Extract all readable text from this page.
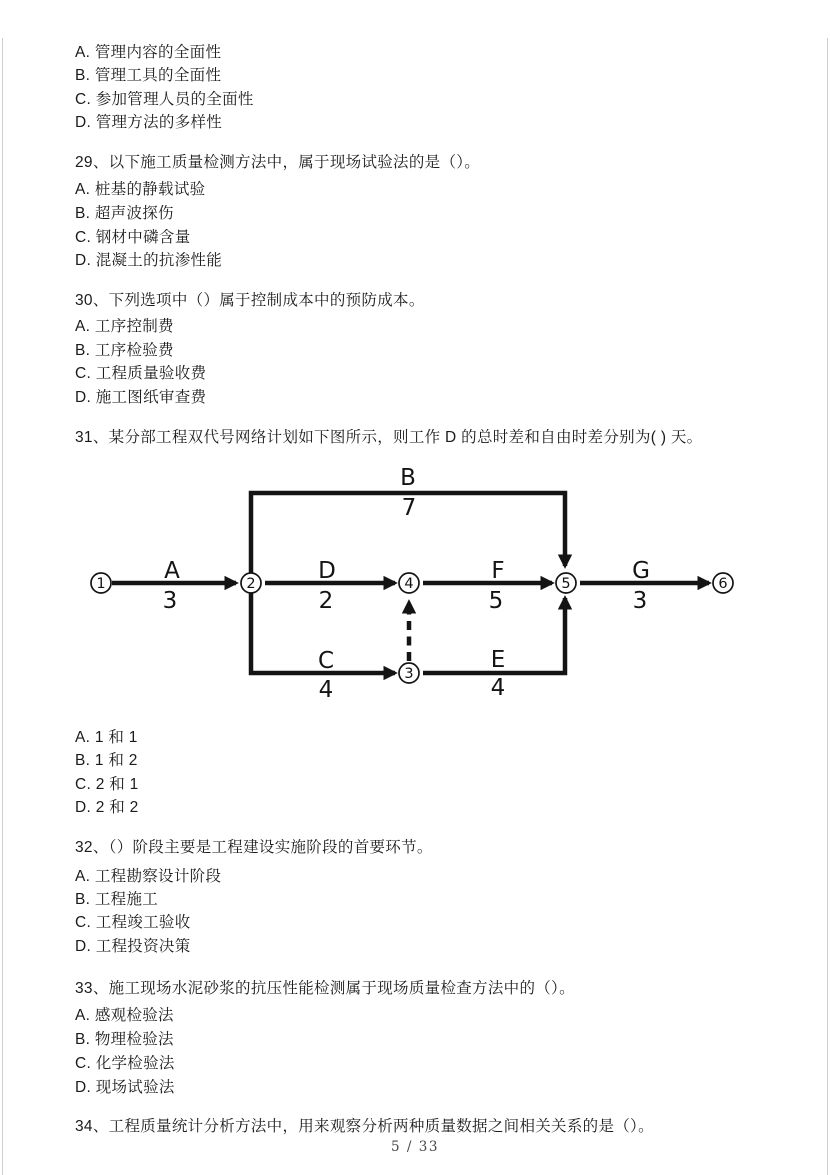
A. 管理内容的全面性
B. 管理工具的全面性
C. 参加管理人员的全面性
D. 管理方法的多样性
29、以下施工质量检测方法中，属于现场试验法的是（）。
A. 桩基的静载试验
B. 超声波探伤
C. 钢材中磷含量
D. 混凝土的抗渗性能
30、下列选项中（）属于控制成本中的预防成本。
A. 工序控制费
B. 工序检验费
C. 工程质量验收费
D. 施工图纸审查费
31、某分部工程双代号网络计划如下图所示，则工作 D 的总时差和自由时差分别为( ) 天。
A
B
C
D
E
F	G
3
7
4
2
4
5	3
1	2
3
4	5	6
A. 1 和 1
B. 1 和 2
C. 2 和 1
D. 2 和 2
32、（）阶段主要是工程建设实施阶段的首要环节。
A. 工程勘察设计阶段
B. 工程施工
C. 工程竣工验收
D. 工程投资决策
33、施工现场水泥砂浆的抗压性能检测属于现场质量检查方法中的（）。
A. 感观检验法
B. 物理检验法
C. 化学检验法
D. 现场试验法
34、工程质量统计分析方法中，用来观察分析两种质量数据之间相关关系的是（）。
5 / 33
